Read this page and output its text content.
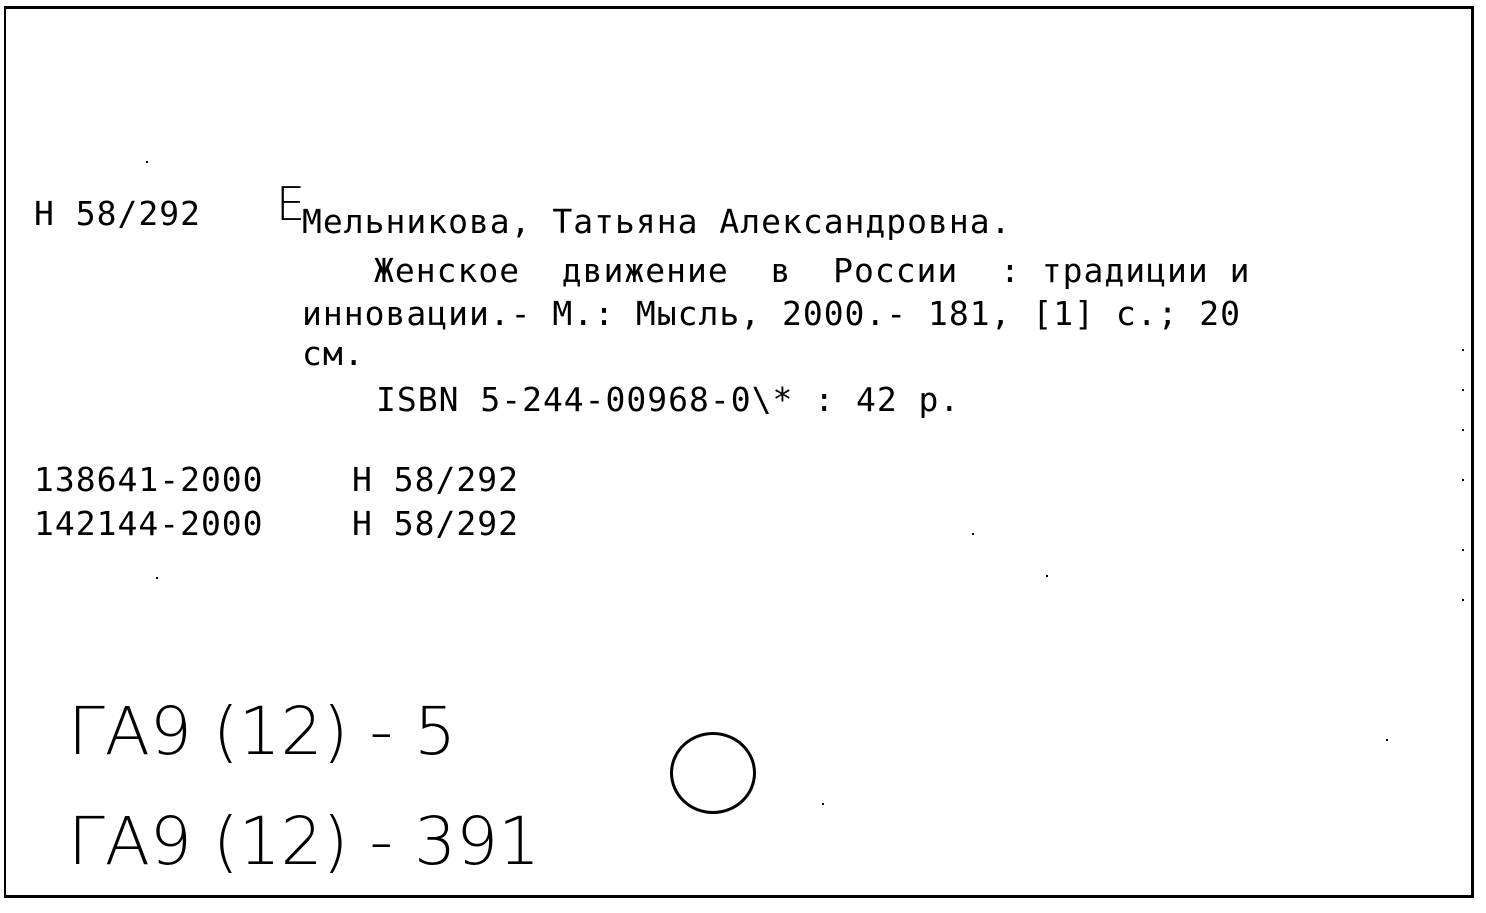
Н 58/292 E
Мельникова, Татьяна Александровна.
Женское  движение  в  России  : традиции и
инновации.- М.: Мысль, 2000.- 181, [1] с.; 20
см.
ISBN 5-244-00968-0\* : 42 р.
138641-2000	Н 58/292
142144-2000	Н 58/292
ГА9 (12) - 5
ГА9 (12) - 391
